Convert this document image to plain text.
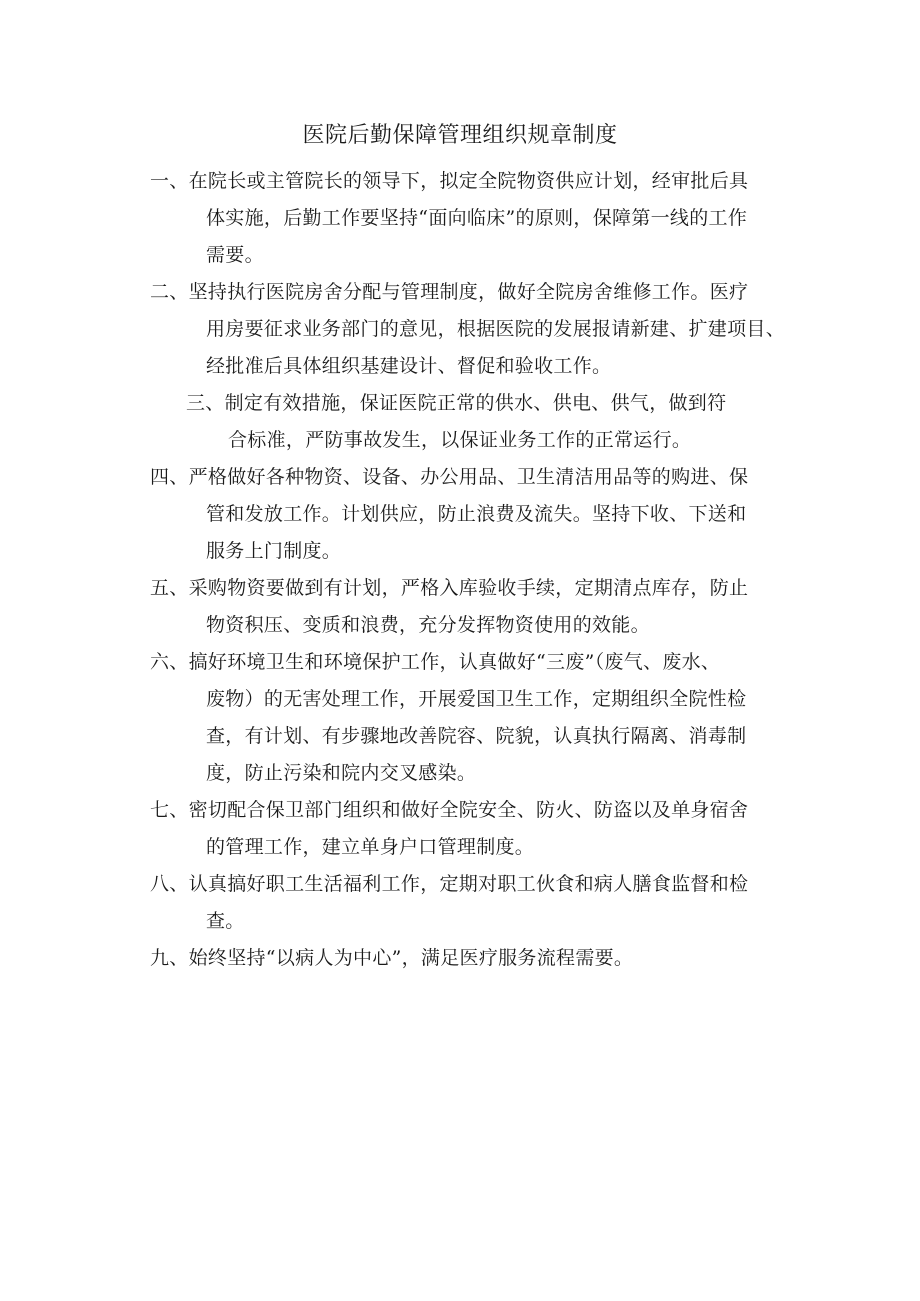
医院后勤保障管理组织规章制度
一、在院长或主管院长的领导下，拟定全院物资供应计划，经审批后具
体实施，后勤工作要坚持“面向临床”的原则，保障第一线的工作
需要。
二、坚持执行医院房舍分配与管理制度，做好全院房舍维修工作。医疗
用房要征求业务部门的意见，根据医院的发展报请新建、扩建项目、
经批准后具体组织基建设计、督促和验收工作。
三、制定有效措施，保证医院正常的供水、供电、供气，做到符
合标准，严防事故发生，以保证业务工作的正常运行。
四、严格做好各种物资、设备、办公用品、卫生清洁用品等的购进、保
管和发放工作。计划供应，防止浪费及流失。坚持下收、下送和
服务上门制度。
五、采购物资要做到有计划，严格入库验收手续，定期清点库存，防止
物资积压、变质和浪费，充分发挥物资使用的效能。
六、搞好环境卫生和环境保护工作，认真做好“三废”（废气、废水、
废物）的无害处理工作，开展爱国卫生工作，定期组织全院性检
查，有计划、有步骤地改善院容、院貌，认真执行隔离、消毒制
度，防止污染和院内交叉感染。
七、密切配合保卫部门组织和做好全院安全、防火、防盗以及单身宿舍
的管理工作，建立单身户口管理制度。
八、认真搞好职工生活福利工作，定期对职工伙食和病人膳食监督和检
查。
九、始终坚持“以病人为中心”，满足医疗服务流程需要。
